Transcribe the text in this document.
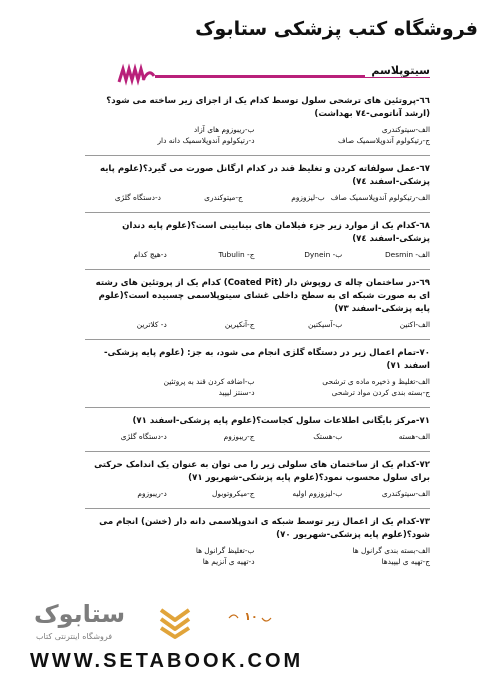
فروشگاه کتب پزشکی ستابوک
سیتوپلاسم
٦٦-پروتئین های ترشحی سلول توسط کدام یک از اجزای زیر ساخته می شود؟(ارشد آناتومی-٧٤ بهداشت)
الف-سیتوکندری
ب-ریبوزوم های آزاد
ج-رتیکولوم آندوپلاسمیک صاف
د-رتیکولوم آندوپلاسمیک دانه دار
٦٧-عمل سولفاته کردن و تغلیظ قند در کدام ارگانل صورت می گیرد؟(علوم پایه پزشکی-اسفند ٧٤)
الف-رتیکولوم آندوپلاسمیک صاف
ب-لیزوزوم
ج-میتوکندری
د-دستگاه گلژی
٦٨-کدام یک از موارد زیر جزء فیلامان های بینابینی است؟(علوم پایه دندان پزشکی-اسفند ٧٤)
الف- Desmin
ب- Dynein
ج- Tubulin
د-هیچ کدام
٦٩-در ساختمان چاله ی روپوش دار (Coated Pit) کدام یک از پروتئین های رشته ای به صورت شبکه ای به سطح داخلی غشای سیتوپلاسمی چسبیده است؟(علوم پایه پزشکی-اسفند ٧٣)
الف-اکتین
ب-آسیکتین
ج-آنکیرین
د- کلاترین
٧٠-تمام اعمال زیر در دستگاه گلژی انجام می شود، به جز: (علوم پایه پزشکی-اسفند ٧١)
الف-تغلیظ و ذخیره ماده ی ترشحی
ب-اضافه کردن قند به پروتئین
ج-بسته بندی کردن مواد ترشحی
د-سنتز لیپید
٧١-مرکز بایگانی اطلاعات سلول کجاست؟(علوم پایه پزشکی-اسفند ٧١)
الف-هسته
ب-هستک
ج-ریبوزوم
د-دستگاه گلژی
٧٢-کدام یک از ساختمان های سلولی زیر را می توان به عنوان یک اندامک حرکتی برای سلول محسوب نمود؟(علوم پایه پزشکی-شهریور ٧١)
الف-سیتوکندری
ب-لیزوزوم اولیه
ج-میکروتوبول
د-ریبوزوم
٧٣-کدام یک از اعمال زیر توسط شبکه ی اندوپلاسمی دانه دار (خشن) انجام می شود؟(علوم پایه پزشکی-شهریور ٧٠)
الف-بسته بندی گرانول ها
ب-تغلیظ گرانول ها
ج-تهیه ی لیپیدها
د-تهیه ی آنزیم ها
١٠
ستابوک
فروشگاه اینترنتی کتاب
WWW.SETABOOK.COM
